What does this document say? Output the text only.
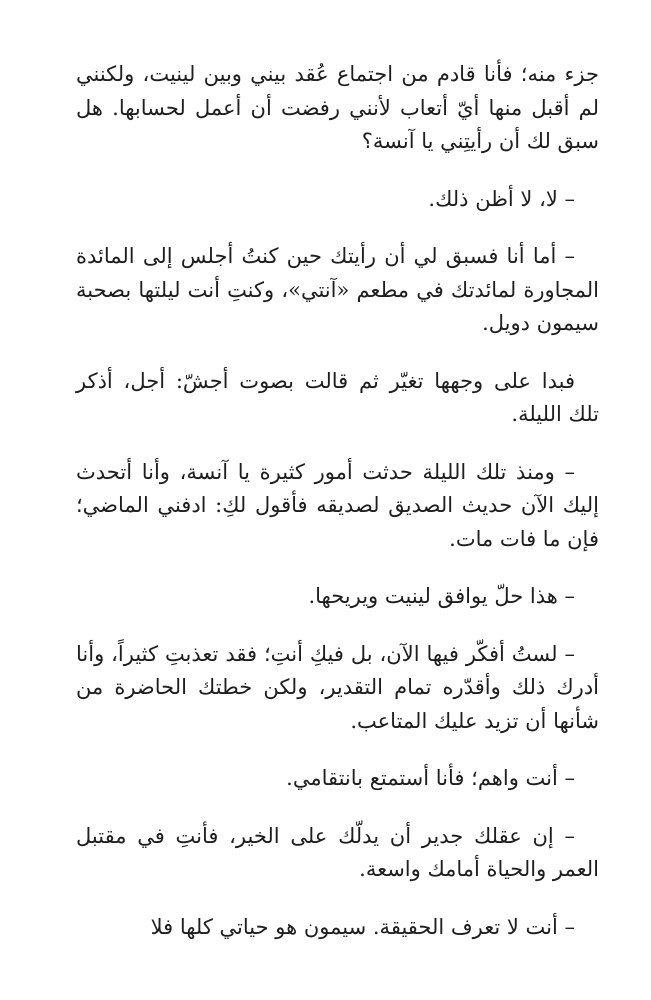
جزء منه؛ فأنا قادم من اجتماع عُقد بيني وبين لينيت، ولكنني لم أقبل منها أيّ أتعاب لأنني رفضت أن أعمل لحسابها. هل سبق لك أن رأيتِني يا آنسة؟

– لا، لا أظن ذلك.

– أما أنا فسبق لي أن رأيتك حين كنتُ أجلس إلى المائدة المجاورة لمائدتك في مطعم «آنتي»، وكنتِ أنت ليلتها بصحبة سيمون دويل.

فبدا على وجهها تغيّر ثم قالت بصوت أجشّ: أجل، أذكر تلك الليلة.

– ومنذ تلك الليلة حدثت أمور كثيرة يا آنسة، وأنا أتحدث إليك الآن حديث الصديق لصديقه فأقول لكِ: ادفني الماضي؛ فإن ما فات مات.

– هذا حلّ يوافق لينيت ويريحها.

– لستُ أفكّر فيها الآن، بل فيكِ أنتِ؛ فقد تعذبتِ كثيراً، وأنا أدرك ذلك وأقدّره تمام التقدير، ولكن خطتك الحاضرة من شأنها أن تزيد عليك المتاعب.

– أنت واهم؛ فأنا أستمتع بانتقامي.

– إن عقلك جدير أن يدلّك على الخير، فأنتِ في مقتبل العمر والحياة أمامك واسعة.

– أنت لا تعرف الحقيقة. سيمون هو حياتي كلها فلا
